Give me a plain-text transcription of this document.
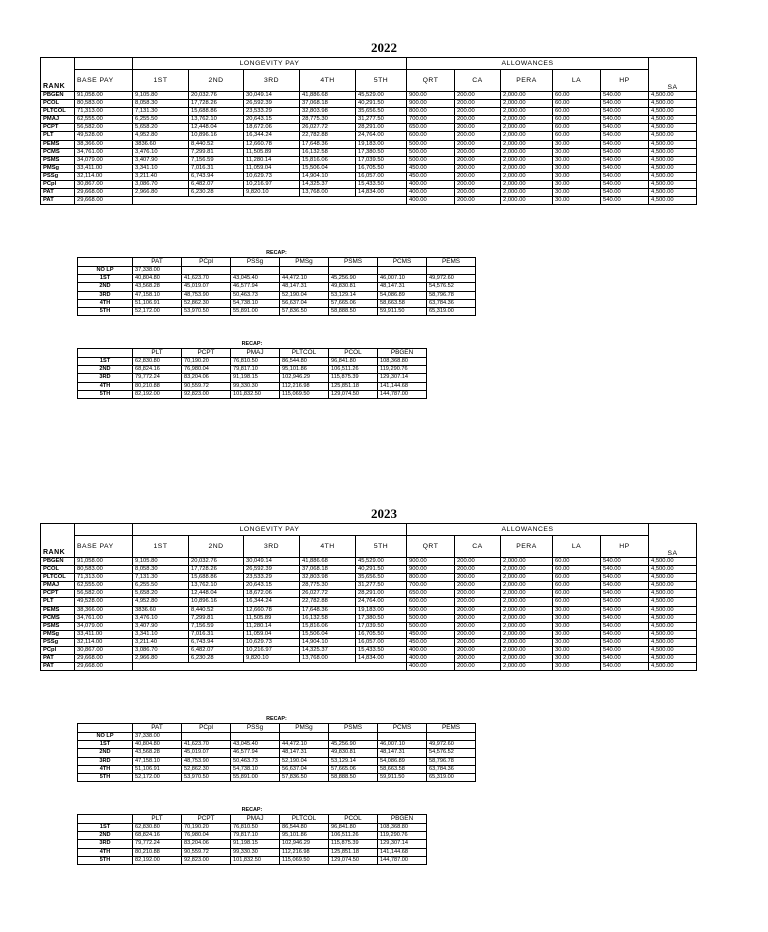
2022
RANK		LONGEVITY PAY					ALLOWANCES					
	BASE PAY	1ST	2ND	3RD	4TH	5TH	QRT	CA	PERA	LA	HP	SA
PBGEN	91,058.00	9,105.80	20,032.76	30,049.14	41,886.68	45,529.00	900.00	200.00	2,000.00	60.00	540.00	4,500.00
PCOL	80,583.00	8,058.30	17,728.26	26,592.39	37,068.18	40,291.50	900.00	200.00	2,000.00	60.00	540.00	4,500.00
PLTCOL	71,313.00	7,131.30	15,688.86	23,533.29	32,803.98	35,656.50	800.00	200.00	2,000.00	60.00	540.00	4,500.00
PMAJ	62,555.00	6,255.50	13,762.10	20,643.15	28,775.30	31,277.50	700.00	200.00	2,000.00	60.00	540.00	4,500.00
PCPT	56,582.00	5,658.20	12,448.04	18,672.06	26,027.72	28,291.00	650.00	200.00	2,000.00	60.00	540.00	4,500.00
PLT	49,528.00	4,952.80	10,896.16	16,344.24	22,782.88	24,764.00	600.00	200.00	2,000.00	60.00	540.00	4,500.00
PEMS	38,366.00	3836.60	8,440.52	12,660.78	17,648.36	19,183.00	500.00	200.00	2,000.00	30.00	540.00	4,500.00
PCMS	34,761.00	3,476.10	7,299.81	11,505.89	16,132.58	17,380.50	500.00	200.00	2,000.00	30.00	540.00	4,500.00
PSMS	34,079.00	3,407.90	7,156.59	11,280.14	15,816.06	17,039.50	500.00	200.00	2,000.00	30.00	540.00	4,500.00
PMSg	33,411.00	3,341.10	7,016.31	11,059.04	15,506.04	16,705.50	450.00	200.00	2,000.00	30.00	540.00	4,500.00
PSSg	32,114.00	3,211.40	6,743.94	10,629.73	14,904.10	16,057.00	450.00	200.00	2,000.00	30.00	540.00	4,500.00
PCpl	30,867.00	3,086.70	6,482.07	10,216.97	14,325.37	15,433.50	400.00	200.00	2,000.00	30.00	540.00	4,500.00
PAT	29,668.00	2,966.80	6,230.28	9,820.10	13,768.00	14,834.00	400.00	200.00	2,000.00	30.00	540.00	4,500.00
PAT	29,668.00						400.00	200.00	2,000.00	30.00	540.00	4,500.00
RECAP:							
	PAT	PCpl	PSSg	PMSg	PSMS	PCMS	PEMS
NO LP	37,338.00						
1ST	40,804.80	41,623.70	43,045.40	44,472.10	45,256.90	46,007.10	49,972.60
2ND	43,568.28	45,019.07	46,577.94	48,147.31	49,830.81	48,147.31	54,576.52
3RD	47,158.10	48,753.90	50,463.73	52,190.04	53,129.14	54,086.89	58,796.78
4TH	51,106.91	52,862.30	54,738.10	56,637.04	57,665.06	58,663.58	63,784.36
5TH	52,172.00	53,970.50	55,891.00	57,836.50	58,888.50	59,911.50	65,319.00
RECAP:						
	PLT	PCPT	PMAJ	PLTCOL	PCOL	PBGEN
1ST	62,830.80	70,190.20	76,810.50	86,544.80	96,841.80	108,368.80
2ND	68,824.16	76,980.04	79,817.10	95,101.86	106,511.26	119,290.76
3RD	79,772.24	83,204.06	91,198.15	102,946.29	115,875.39	129,307.14
4TH	80,210.88	90,559.72	99,330.30	112,216.98	125,851.18	141,144.68
5TH	82,192.00	92,823.00	101,832.50	115,069.50	129,074.50	144,787.00
2023
RANK		LONGEVITY PAY					ALLOWANCES					
	BASE PAY	1ST	2ND	3RD	4TH	5TH	QRT	CA	PERA	LA	HP	SA
PBGEN	91,058.00	9,105.80	20,032.76	30,049.14	41,886.68	45,529.00	900.00	200.00	2,000.00	60.00	540.00	4,500.00
PCOL	80,583.00	8,058.30	17,728.26	26,592.39	37,068.18	40,291.50	900.00	200.00	2,000.00	60.00	540.00	4,500.00
PLTCOL	71,313.00	7,131.30	15,688.86	23,533.29	32,803.98	35,656.50	800.00	200.00	2,000.00	60.00	540.00	4,500.00
PMAJ	62,555.00	6,255.50	13,762.10	20,643.15	28,775.30	31,277.50	700.00	200.00	2,000.00	60.00	540.00	4,500.00
PCPT	56,582.00	5,658.20	12,448.04	18,672.06	26,027.72	28,291.00	650.00	200.00	2,000.00	60.00	540.00	4,500.00
PLT	49,528.00	4,952.80	10,896.16	16,344.24	22,782.88	24,764.00	600.00	200.00	2,000.00	60.00	540.00	4,500.00
PEMS	38,366.00	3836.60	8,440.52	12,660.78	17,648.36	19,183.00	500.00	200.00	2,000.00	30.00	540.00	4,500.00
PCMS	34,761.00	3,476.10	7,299.81	11,505.89	16,132.58	17,380.50	500.00	200.00	2,000.00	30.00	540.00	4,500.00
PSMS	34,079.00	3,407.90	7,156.59	11,280.14	15,816.06	17,039.50	500.00	200.00	2,000.00	30.00	540.00	4,500.00
PMSg	33,411.00	3,341.10	7,016.31	11,059.04	15,506.04	16,705.50	450.00	200.00	2,000.00	30.00	540.00	4,500.00
PSSg	32,114.00	3,211.40	6,743.94	10,629.73	14,904.10	16,057.00	450.00	200.00	2,000.00	30.00	540.00	4,500.00
PCpl	30,867.00	3,086.70	6,482.07	10,216.97	14,325.37	15,433.50	400.00	200.00	2,000.00	30.00	540.00	4,500.00
PAT	29,668.00	2,966.80	6,230.28	9,820.10	13,768.00	14,834.00	400.00	200.00	2,000.00	30.00	540.00	4,500.00
PAT	29,668.00						400.00	200.00	2,000.00	30.00	540.00	4,500.00
RECAP:							
	PAT	PCpl	PSSg	PMSg	PSMS	PCMS	PEMS
NO LP	37,338.00						
1ST	40,804.80	41,623.70	43,045.40	44,472.10	45,256.90	46,007.10	49,972.60
2ND	43,568.28	45,019.07	46,577.94	48,147.31	49,830.81	48,147.31	54,576.52
3RD	47,158.10	48,753.90	50,463.73	52,190.04	53,129.14	54,086.89	58,796.78
4TH	51,106.91	52,862.30	54,738.10	56,637.04	57,665.06	58,663.58	63,784.36
5TH	52,172.00	53,970.50	55,891.00	57,836.50	58,888.50	59,911.50	65,319.00
RECAP:						
	PLT	PCPT	PMAJ	PLTCOL	PCOL	PBGEN
1ST	62,830.80	70,190.20	76,810.50	86,544.80	96,841.80	108,368.80
2ND	68,824.16	76,980.04	79,817.10	95,101.86	106,511.26	119,290.76
3RD	79,772.24	83,204.06	91,198.15	102,946.29	115,875.39	129,307.14
4TH	80,210.88	90,559.72	99,330.30	112,216.98	125,851.18	141,144.68
5TH	82,192.00	92,823.00	101,832.50	115,069.50	129,074.50	144,787.00
